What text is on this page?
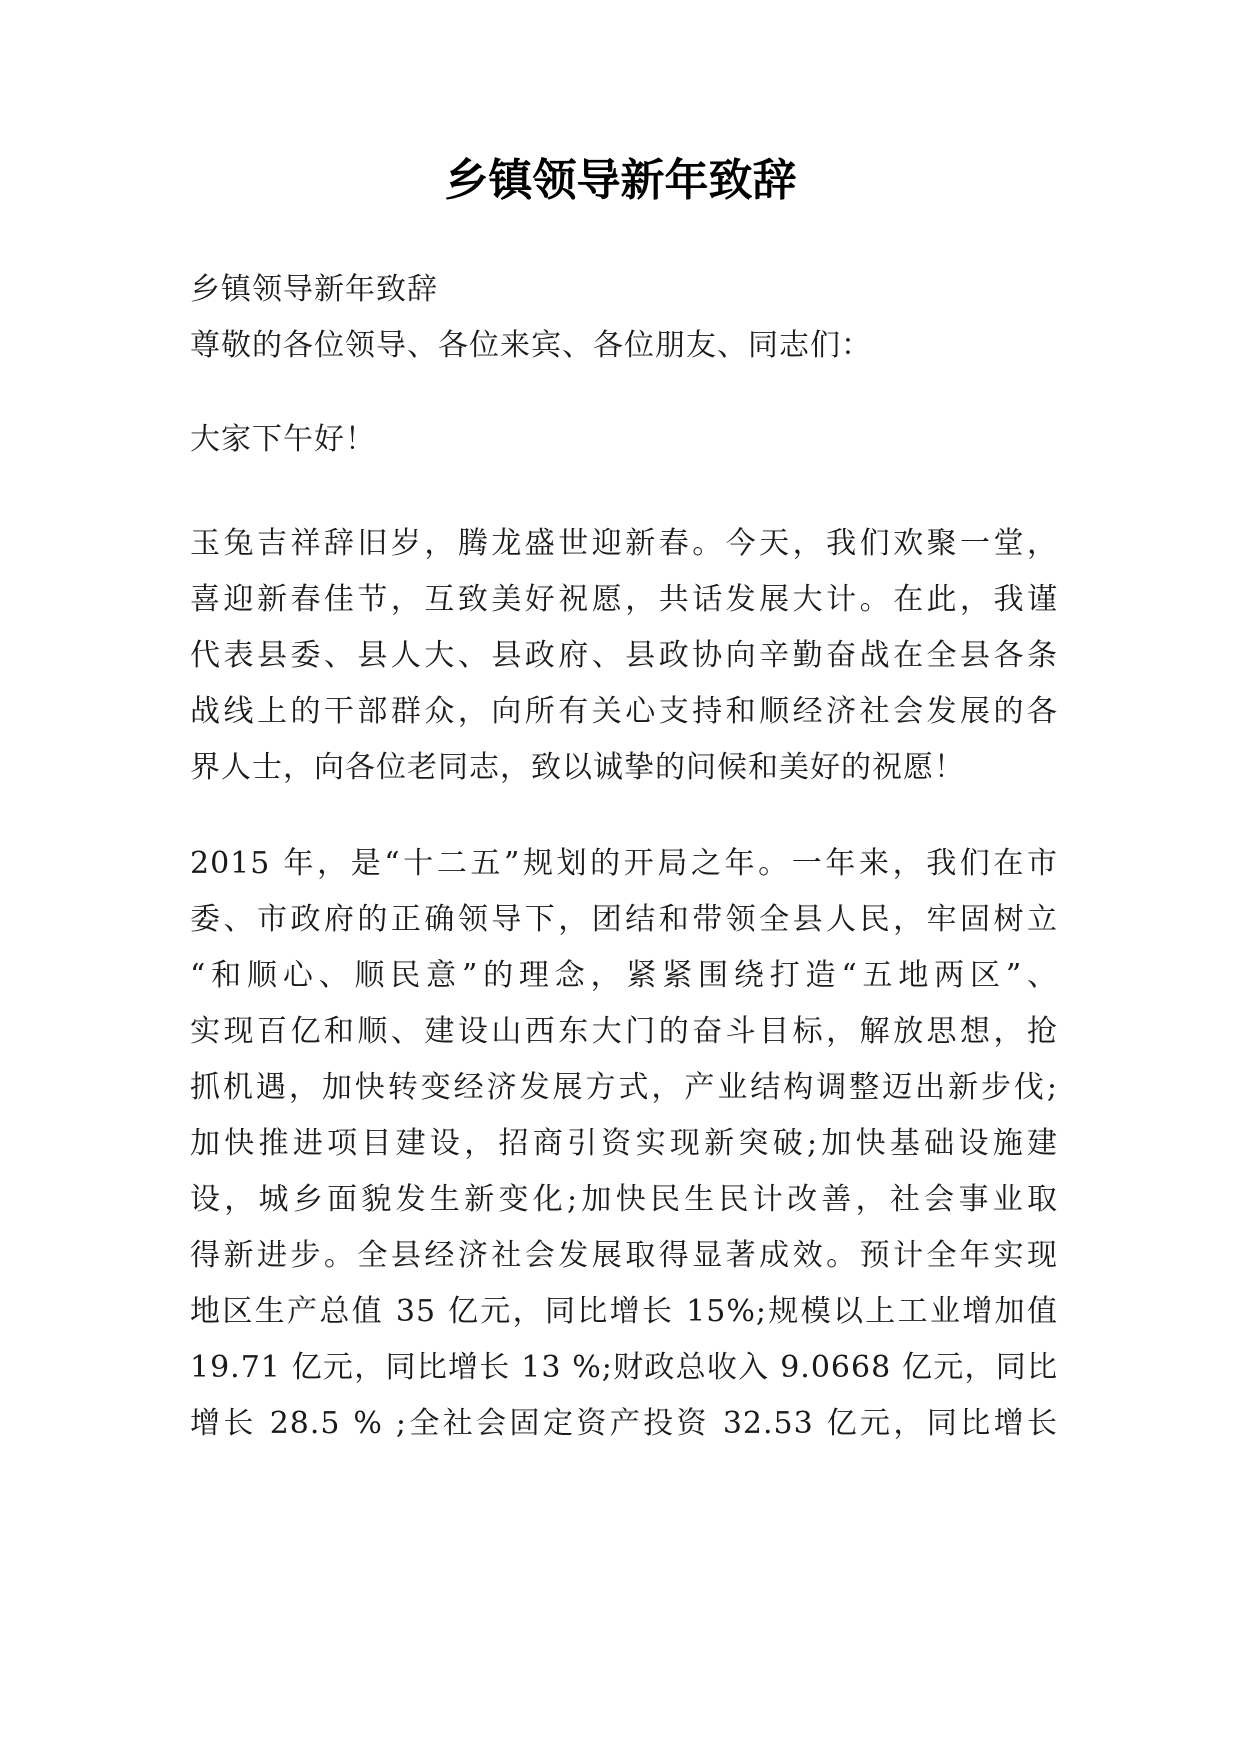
乡镇领导新年致辞
乡镇领导新年致辞
尊敬的各位领导、各位来宾、各位朋友、同志们：
大家下午好！
玉兔吉祥辞旧岁，腾龙盛世迎新春。今天，我们欢聚一堂，
喜迎新春佳节，互致美好祝愿，共话发展大计。在此，我谨
代表县委、县人大、县政府、县政协向辛勤奋战在全县各条
战线上的干部群众，向所有关心支持和顺经济社会发展的各
界人士，向各位老同志，致以诚挚的问候和美好的祝愿！
2015 年，是“十二五”规划的开局之年。一年来，我们在市
委、市政府的正确领导下，团结和带领全县人民，牢固树立
“和顺心、顺民意”的理念，紧紧围绕打造“五地两区”、
实现百亿和顺、建设山西东大门的奋斗目标，解放思想，抢
抓机遇，加快转变经济发展方式，产业结构调整迈出新步伐;
加快推进项目建设，招商引资实现新突破;加快基础设施建
设，城乡面貌发生新变化;加快民生民计改善，社会事业取
得新进步。全县经济社会发展取得显著成效。预计全年实现
地区生产总值 35 亿元，同比增长 15%;规模以上工业增加值
19.71 亿元，同比增长 13 %;财政总收入 9.0668 亿元，同比
增长 28.5 % ;全社会固定资产投资 32.53 亿元，同比增长
